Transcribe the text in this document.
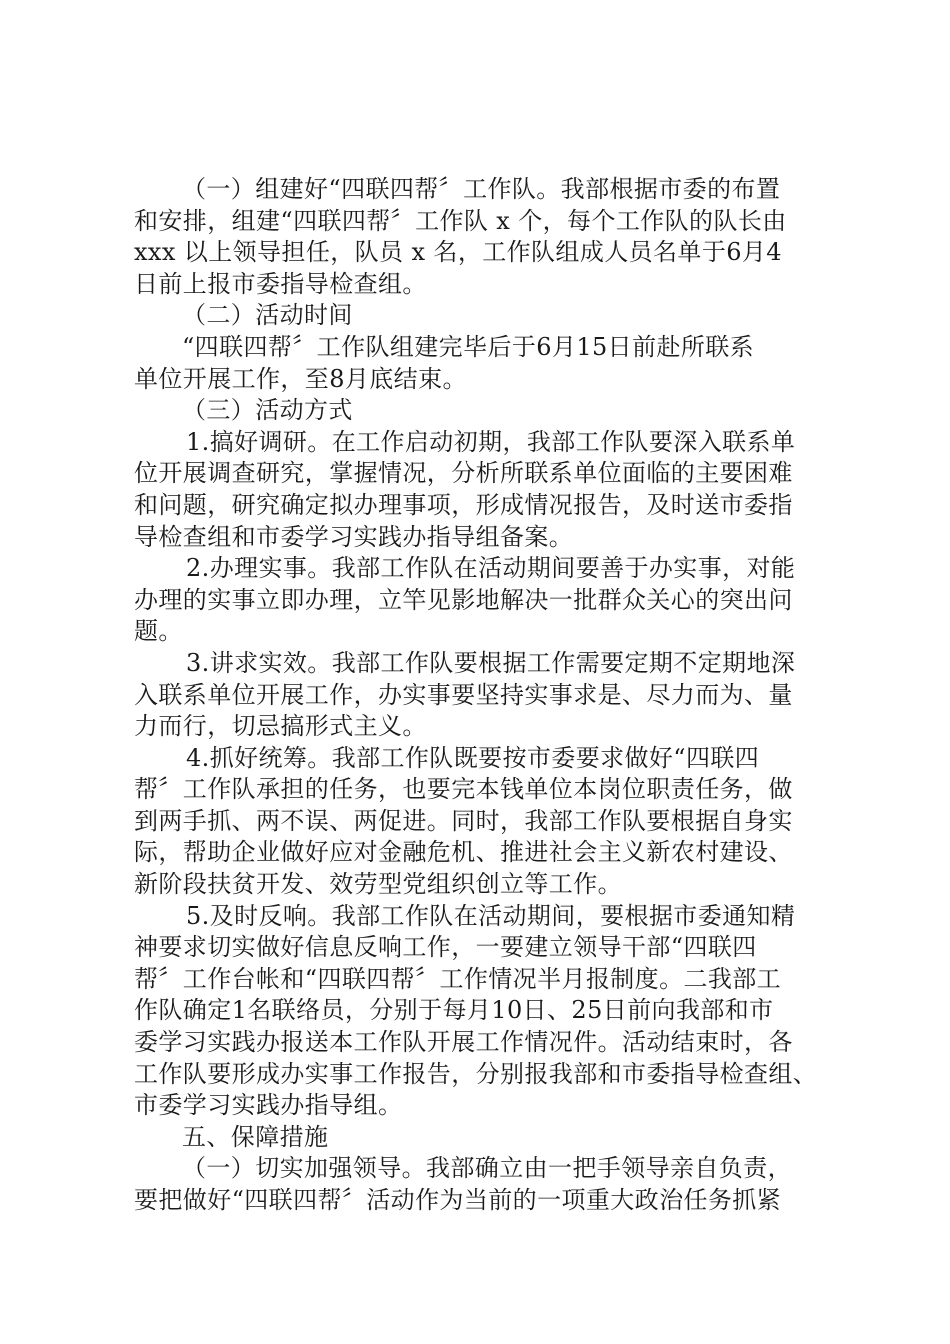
（一）组建好“四联四帮〞工作队。我部根据市委的布置
和安排，组建“四联四帮〞工作队 x 个，每个工作队的队长由
xxx 以上领导担任，队员 x 名，工作队组成人员名单于6月4
日前上报市委指导检查组。
（二）活动时间
“四联四帮〞工作队组建完毕后于6月15日前赴所联系
单位开展工作，至8月底结束。
（三）活动方式
1.搞好调研。在工作启动初期，我部工作队要深入联系单
位开展调查研究，掌握情况，分析所联系单位面临的主要困难
和问题，研究确定拟办理事项，形成情况报告，及时送市委指
导检查组和市委学习实践办指导组备案。
2.办理实事。我部工作队在活动期间要善于办实事，对能
办理的实事立即办理，立竿见影地解决一批群众关心的突出问
题。
3.讲求实效。我部工作队要根据工作需要定期不定期地深
入联系单位开展工作，办实事要坚持实事求是、尽力而为、量
力而行，切忌搞形式主义。
4.抓好统筹。我部工作队既要按市委要求做好“四联四
帮〞工作队承担的任务，也要完本钱单位本岗位职责任务，做
到两手抓、两不误、两促进。同时，我部工作队要根据自身实
际，帮助企业做好应对金融危机、推进社会主义新农村建设、
新阶段扶贫开发、效劳型党组织创立等工作。
5.及时反响。我部工作队在活动期间，要根据市委通知精
神要求切实做好信息反响工作，一要建立领导干部“四联四
帮〞工作台帐和“四联四帮〞工作情况半月报制度。二我部工
作队确定1名联络员，分别于每月10日、25日前向我部和市
委学习实践办报送本工作队开展工作情况件。活动结束时，各
工作队要形成办实事工作报告，分别报我部和市委指导检查组、
市委学习实践办指导组。
五、保障措施
（一）切实加强领导。我部确立由一把手领导亲自负责，
要把做好“四联四帮〞活动作为当前的一项重大政治任务抓紧
